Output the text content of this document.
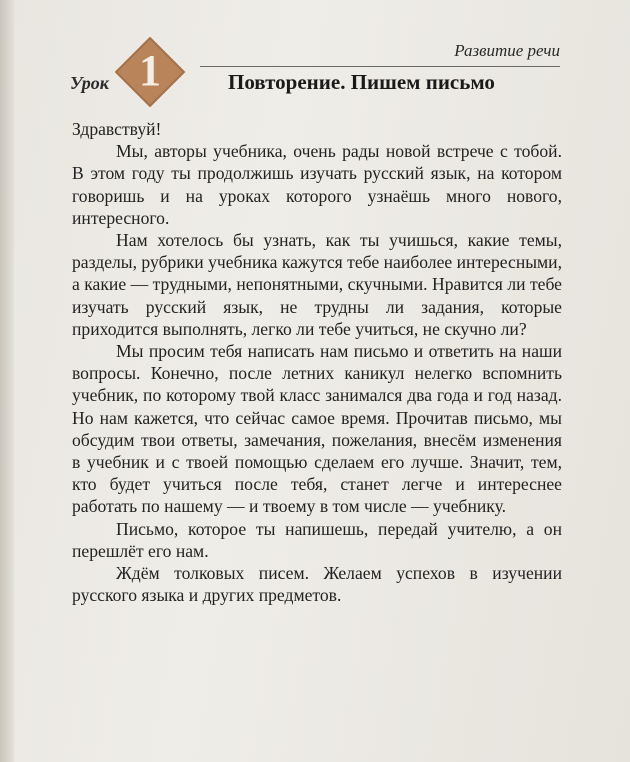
Развитие речи
Урок 1	Повторение. Пишем письмо

Здравствуй!

Мы, авторы учебника, очень рады новой встрече с тобой. В этом году ты продолжишь изучать русский язык, на котором говоришь и на уроках которого узнаёшь много нового, интересного.

Нам хотелось бы узнать, как ты учишься, какие темы, разделы, рубрики учебника кажутся тебе наиболее интересными, а какие — трудными, непонятными, скучными. Нравится ли тебе изучать русский язык, не трудны ли задания, которые приходится выполнять, легко ли тебе учиться, не скучно ли?

Мы просим тебя написать нам письмо и ответить на наши вопросы. Конечно, после летних каникул нелегко вспомнить учебник, по которому твой класс занимался два года и год назад. Но нам кажется, что сейчас самое время. Прочитав письмо, мы обсудим твои ответы, замечания, пожелания, внесём изменения в учебник и с твоей помощью сделаем его лучше. Значит, тем, кто будет учиться после тебя, станет легче и интереснее работать по нашему — и твоему в том числе — учебнику.

Письмо, которое ты напишешь, передай учителю, а он перешлёт его нам.

Ждём толковых писем. Желаем успехов в изучении русского языка и других предметов.
